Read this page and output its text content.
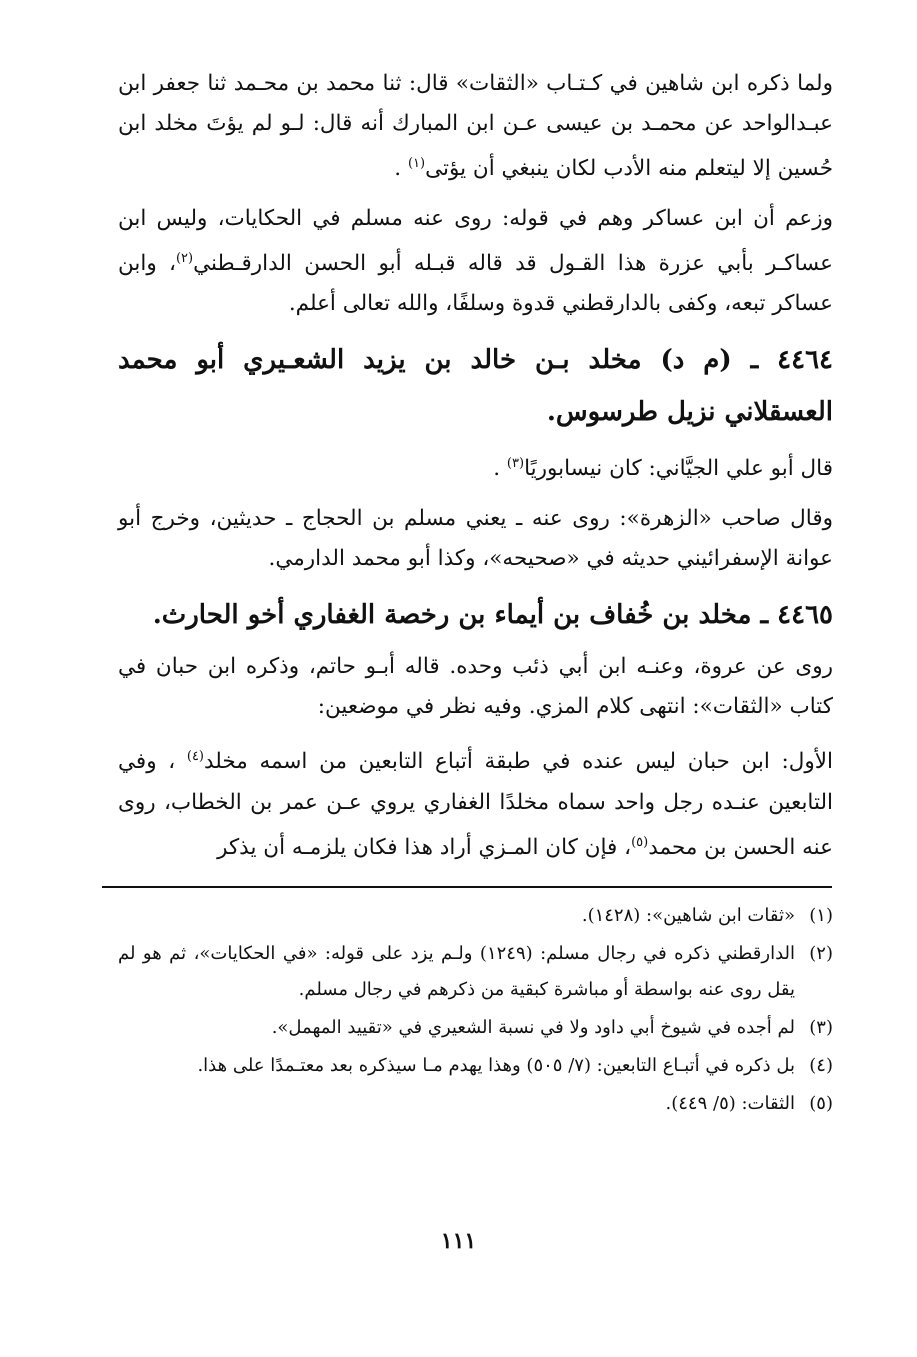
ولما ذكره ابن شاهين في كـتـاب «الثقات» قال: ثنا محمد بن محـمد ثنا جعفر ابن عبـدالواحد عن محمـد بن عيسى عـن ابن المبارك أنه قال: لـو لم يؤتَ مخلد ابن حُسين إلا ليتعلم منه الأدب لكان ينبغي أن يؤتى$^{(١)}$ .

وزعم أن ابن عساكر وهم في قوله: روى عنه مسلم في الحكايات، وليس ابن عساكـر بأبي عزرة هذا القـول قد قاله قبـله أبو الحسن الدارقـطني$^{(٢)}$، وابن عساكر تبعه، وكفى بالدارقطني قدوة وسلفًا، والله تعالى أعلم.

٤٤٦٤ ـ (م د) مخلد بـن خالد بن يزيد الشعـيري أبو محمد العسقلاني نزيل طرسوس.

قال أبو علي الجيَّاني: كان نيسابوريًا$^{(٣)}$ .

وقال صاحب «الزهرة»: روى عنه ـ يعني مسلم بن الحجاج ـ حديثين، وخرج أبو عوانة الإسفرائيني حديثه في «صحيحه»، وكذا أبو محمد الدارمي.

٤٤٦٥ ـ مخلد بن خُفاف بن أيماء بن رخصة الغفاري أخو الحارث.

روى عن عروة، وعنـه ابن أبي ذئب وحده. قاله أبـو حاتم، وذكره ابن حبان في كتاب «الثقات»: انتهى كلام المزي. وفيه نظر في موضعين:

الأول: ابن حبان ليس عنده في طبقة أتباع التابعين من اسمه مخلد$^{(٤)}$ ، وفي التابعين عنـده رجل واحد سماه مخلدًا الغفاري يروي عـن عمر بن الخطاب، روى عنه الحسن بن محمد$^{(٥)}$، فإن كان المـزي أراد هذا فكان يلزمـه أن يذكر

(١)
«ثقات ابن شاهين»: (١٤٢٨).
(٢)
الدارقطني ذكره في رجال مسلم: (١٢٤٩) ولـم يزد على قوله: «في الحكايات»، ثم هو لم يقل روى عنه بواسطة أو مباشرة كبقية من ذكرهم في رجال مسلم.
(٣)
لم أجده في شيوخ أبي داود ولا في نسبة الشعيري في «تقييد المهمل».
(٤)
بل ذكره في أتبـاع التابعين: (٧/ ٥٠٥) وهذا يهدم مـا سيذكره بعد معتـمدًا على هذا.
(٥)
الثقات: (٥/ ٤٤٩).
١١١
